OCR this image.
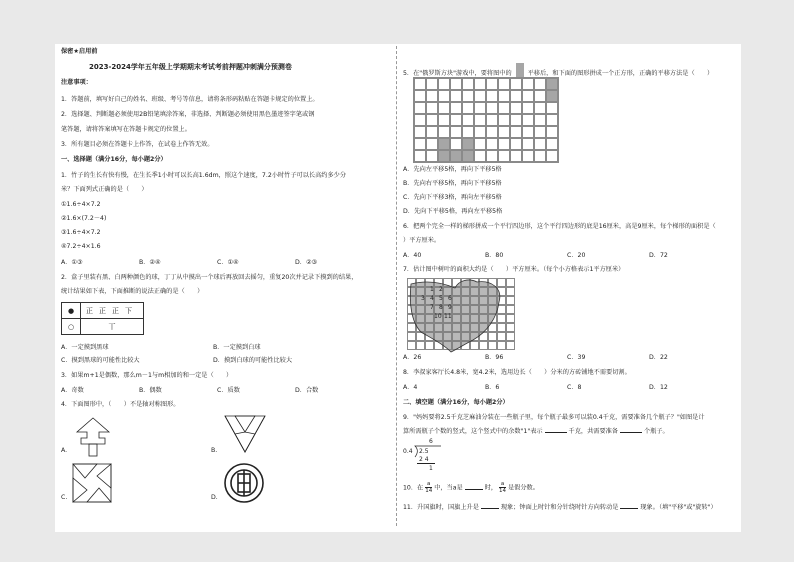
保密★启用前
2023-2024学年五年级上学期期末考试考前押题冲刺满分预测卷
注意事项：
1．答题前，填写好自己的姓名、班级、考号等信息，请将条形码粘贴在答题卡规定的位置上。
2．选择题、判断题必须使用2B铅笔填涂答案，非选择、判断题必须使用黑色墨迹签字笔或钢
笔答题，请将答案填写在答题卡规定的位置上。
3．所有题目必须在答题卡上作答，在试卷上作答无效。
一、选择题（满分16分，每小题2分）
1．竹子的生长有快有慢，在生长季1小时可以长高1.6dm，照这个速度，7.2小时竹子可以长高约多少分
米？下面列式正确的是（　　）
①1.6÷4×7.2
②1.6×(7.2－4)
③1.6÷4×7.2
④7.2÷4×1.6
A．①③	B．②④	C．①④	D．②③
2．盒子里装有黑、白两种颜色的球，丁丁从中摸出一个球后再放回去摇匀，重复20次并记录下摸到的结果，
统计结果如下表，下面推断的说法正确的是（　　）
●	正正正下
○	丅
A．一定摸到黑球	B．一定摸到白球
C．摸到黑球的可能性比较大	D．摸到白球的可能性比较大
3．如果m+1是偶数，那么m－1与m相加的和一定是（　　）
A．奇数	B．偶数	C．质数	D．合数
4．下面图形中，（　　）不是轴对称图形。
A.	B.
C.	D.
5．在"俄罗斯方块"游戏中，要将图中的	平移后，和下面的图形拼成一个正方形，正确的平移方法是（　　）
A．先向左平移5格，再向下平移5格
B．先向右平移5格，再向下平移5格
C．先向下平移3格，再向左平移5格
D．先向下平移5格，再向左平移5格
6．把两个完全一样的梯形拼成一个平行四边形，这个平行四边形的底是16厘米，高是9厘米，每个梯形的面积是（
）平方厘米。
A．40	B．80	C．20	D．72
7．估计图中树叶的面积大约是（　　）平方厘米。（每个小方格表示1平方厘米）
1 2
3 4 5 6
7 8 9
10 11
A．26	B．96	C．39	D．22
8．李叔家客厅长4.8米，宽4.2米，选用边长（　　）分米的方砖铺地不需要切割。
A．4	B．6	C．8	D．12
二、填空题（满分16分，每小题2分）
9．"妈妈要将2.5千克芝麻油分装在一些瓶子里，每个瓶子最多可以装0.4千克，需要准备几个瓶子？"如图是计
算所需瓶子个数的竖式，这个竖式中的余数"1"表示	千克，共需要准备	个瓶子。
6
0.4 2.5
2 4
1
10．在 $\frac{a}{14}$ 中，当a是	时， $\frac{a}{14}$ 是假分数。
11．升国旗时，国旗上升是	现象；钟面上时针和分针绕时针方向转动是	现象。（填"平移"或"旋转"）
